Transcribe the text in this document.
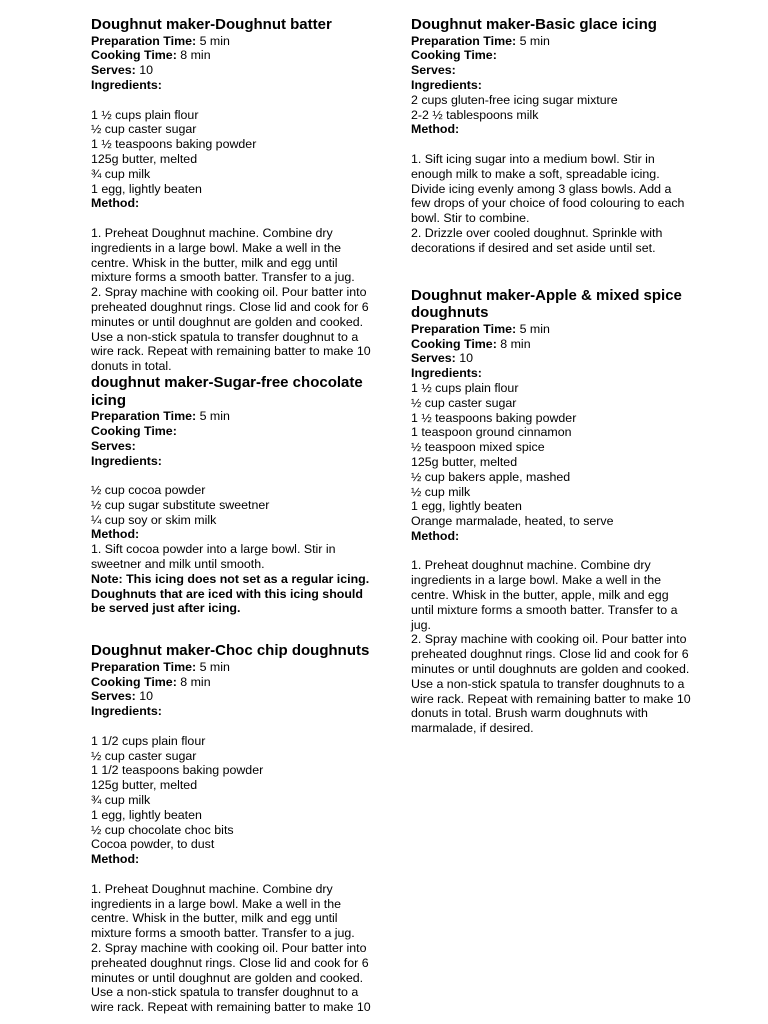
Doughnut maker-Doughnut batter
Preparation Time: 5 min
Cooking Time: 8 min
Serves: 10
Ingredients:
1 ½ cups plain flour
½ cup caster sugar
1 ½ teaspoons baking powder
125g butter, melted
¾ cup milk
1 egg, lightly beaten
Method:
1. Preheat Doughnut machine. Combine dry
ingredients in a large bowl. Make a well in the
centre. Whisk in the butter, milk and egg until
mixture forms a smooth batter. Transfer to a jug.
2. Spray machine with cooking oil. Pour batter into
preheated doughnut rings. Close lid and cook for 6
minutes or until doughnut are golden and cooked.
Use a non-stick spatula to transfer doughnut to a
wire rack. Repeat with remaining batter to make 10
donuts in total.
doughnut maker-Sugar-free chocolate
icing
Preparation Time: 5 min
Cooking Time:
Serves:
Ingredients:
½ cup cocoa powder
½ cup sugar substitute sweetner
¼ cup soy or skim milk
Method:
1. Sift cocoa powder into a large bowl. Stir in
sweetner and milk until smooth.
Note: This icing does not set as a regular icing.
Doughnuts that are iced with this icing should
be served just after icing.
Doughnut maker-Choc chip doughnuts
Preparation Time: 5 min
Cooking Time: 8 min
Serves: 10
Ingredients:
1 1/2 cups plain flour
½ cup caster sugar
1 1/2 teaspoons baking powder
125g butter, melted
¾ cup milk
1 egg, lightly beaten
½ cup chocolate choc bits
Cocoa powder, to dust
Method:
1. Preheat Doughnut machine. Combine dry
ingredients in a large bowl. Make a well in the
centre. Whisk in the butter, milk and egg until
mixture forms a smooth batter. Transfer to a jug.
2. Spray machine with cooking oil. Pour batter into
preheated doughnut rings. Close lid and cook for 6
minutes or until doughnut are golden and cooked.
Use a non-stick spatula to transfer doughnut to a
wire rack. Repeat with remaining batter to make 10
Doughnut maker-Basic glace icing
Preparation Time: 5 min
Cooking Time:
Serves:
Ingredients:
2 cups gluten-free icing sugar mixture
2-2 ½ tablespoons milk
Method:
1. Sift icing sugar into a medium bowl. Stir in
enough milk to make a soft, spreadable icing.
Divide icing evenly among 3 glass bowls. Add a
few drops of your choice of food colouring to each
bowl. Stir to combine.
2. Drizzle over cooled doughnut. Sprinkle with
decorations if desired and set aside until set.
Doughnut maker-Apple & mixed spice
doughnuts
Preparation Time: 5 min
Cooking Time: 8 min
Serves: 10
Ingredients:
1 ½ cups plain flour
½ cup caster sugar
1 ½ teaspoons baking powder
1 teaspoon ground cinnamon
½ teaspoon mixed spice
125g butter, melted
½ cup bakers apple, mashed
½ cup milk
1 egg, lightly beaten
Orange marmalade, heated, to serve
Method:
1. Preheat doughnut machine. Combine dry
ingredients in a large bowl. Make a well in the
centre. Whisk in the butter, apple, milk and egg
until mixture forms a smooth batter. Transfer to a
jug.
2. Spray machine with cooking oil. Pour batter into
preheated doughnut rings. Close lid and cook for 6
minutes or until doughnuts are golden and cooked.
Use a non-stick spatula to transfer doughnuts to a
wire rack. Repeat with remaining batter to make 10
donuts in total. Brush warm doughnuts with
marmalade, if desired.
